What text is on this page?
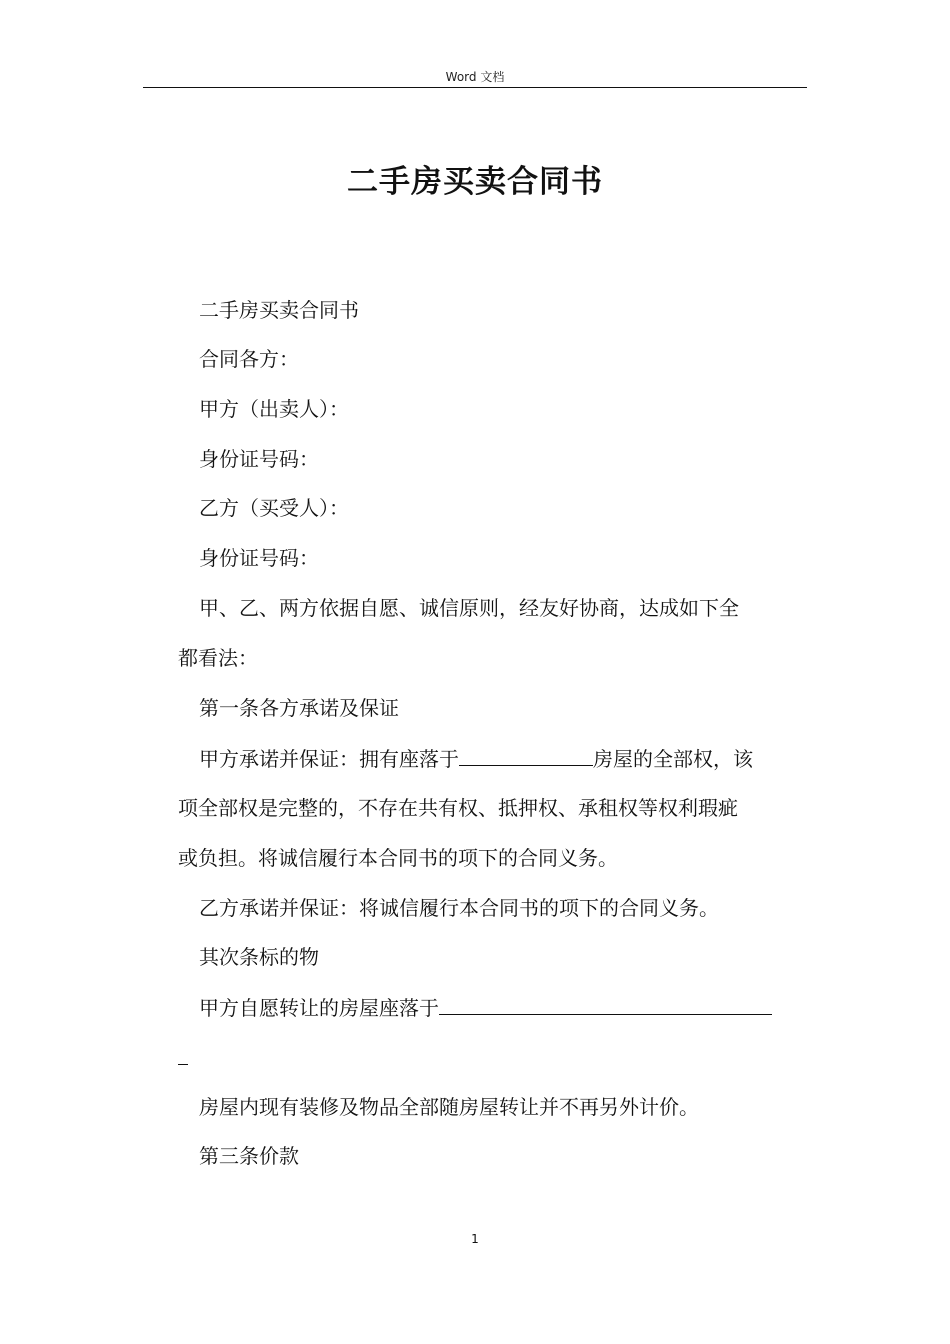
Word 文档
二手房买卖合同书
二手房买卖合同书
合同各方：
甲方（出卖人）：
身份证号码：
乙方（买受人）：
身份证号码：
甲、乙、两方依据自愿、诚信原则，经友好协商，达成如下全
都看法：
第一条各方承诺及保证
甲方承诺并保证：拥有座落于	房屋的全部权，该
项全部权是完整的，不存在共有权、抵押权、承租权等权利瑕疵
或负担。将诚信履行本合同书的项下的合同义务。
乙方承诺并保证：将诚信履行本合同书的项下的合同义务。
其次条标的物
甲方自愿转让的房屋座落于
房屋内现有装修及物品全部随房屋转让并不再另外计价。
第三条价款
1
